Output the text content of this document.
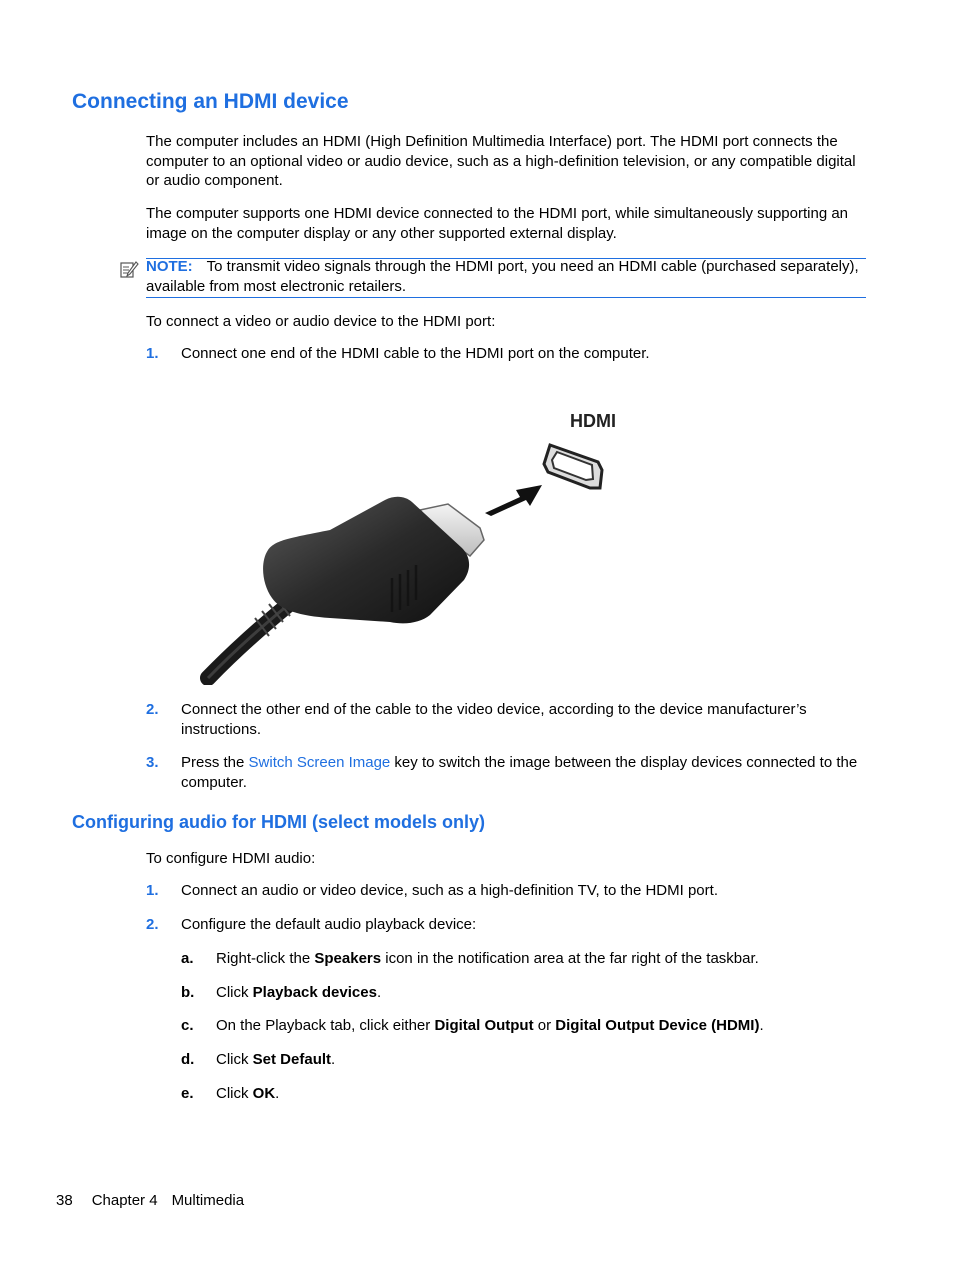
Connecting an HDMI device
The computer includes an HDMI (High Definition Multimedia Interface) port. The HDMI port connects the computer to an optional video or audio device, such as a high-definition television, or any compatible digital or audio component.
The computer supports one HDMI device connected to the HDMI port, while simultaneously supporting an image on the computer display or any other supported external display.
NOTE: To transmit video signals through the HDMI port, you need an HDMI cable (purchased separately), available from most electronic retailers.
To connect a video or audio device to the HDMI port:
1. Connect one end of the HDMI cable to the HDMI port on the computer.
HDMI
2. Connect the other end of the cable to the video device, according to the device manufacturer’s instructions.
3. Press the Switch Screen Image key to switch the image between the display devices connected to the computer.
Configuring audio for HDMI (select models only)
To configure HDMI audio:
1. Connect an audio or video device, such as a high-definition TV, to the HDMI port.
2. Configure the default audio playback device:
a. Right-click the Speakers icon in the notification area at the far right of the taskbar.
b. Click Playback devices.
c. On the Playback tab, click either Digital Output or Digital Output Device (HDMI).
d. Click Set Default.
e. Click OK.
38 Chapter 4 Multimedia
